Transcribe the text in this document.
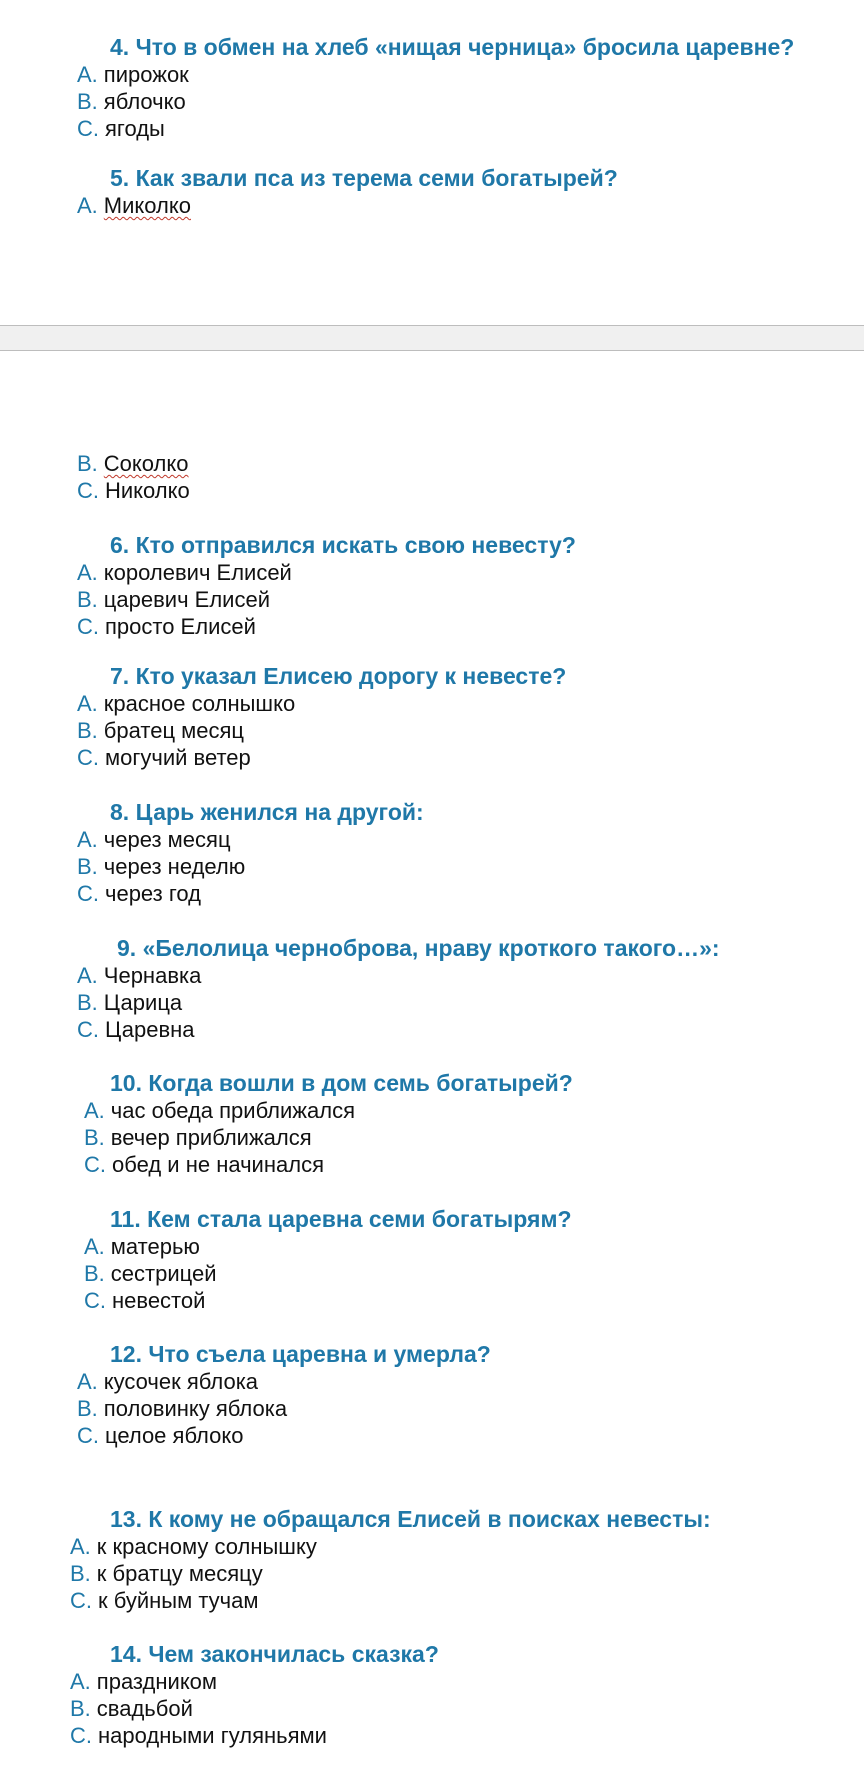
4. Что в обмен на хлеб «нищая черница» бросила царевне?
A. пирожок
B. яблочко
C. ягоды
5. Как звали пса из терема семи богатырей?
A. Миколко
B. Соколко
C. Николко
6. Кто отправился искать свою невесту?
A. королевич Елисей
B. царевич Елисей
C. просто Елисей
7. Кто указал Елисею дорогу к невесте?
A. красное солнышко
B. братец месяц
C. могучий ветер
8. Царь женился на другой:
A. через месяц
B. через неделю
C. через год
9. «Белолица черноброва, нраву кроткого такого…»:
A. Чернавка
B. Царица
C. Царевна
10. Когда вошли в дом семь богатырей?
A. час обеда приближался
B. вечер приближался
C. обед и не начинался
11. Кем стала царевна семи богатырям?
A. матерью
B. сестрицей
C. невестой
12. Что съела царевна и умерла?
A. кусочек яблока
B. половинку яблока
C. целое яблоко
13. К кому не обращался Елисей в поисках невесты:
A. к красному солнышку
B. к братцу месяцу
C. к буйным тучам
14. Чем закончилась сказка?
A. праздником
B. свадьбой
C. народными гуляньями
